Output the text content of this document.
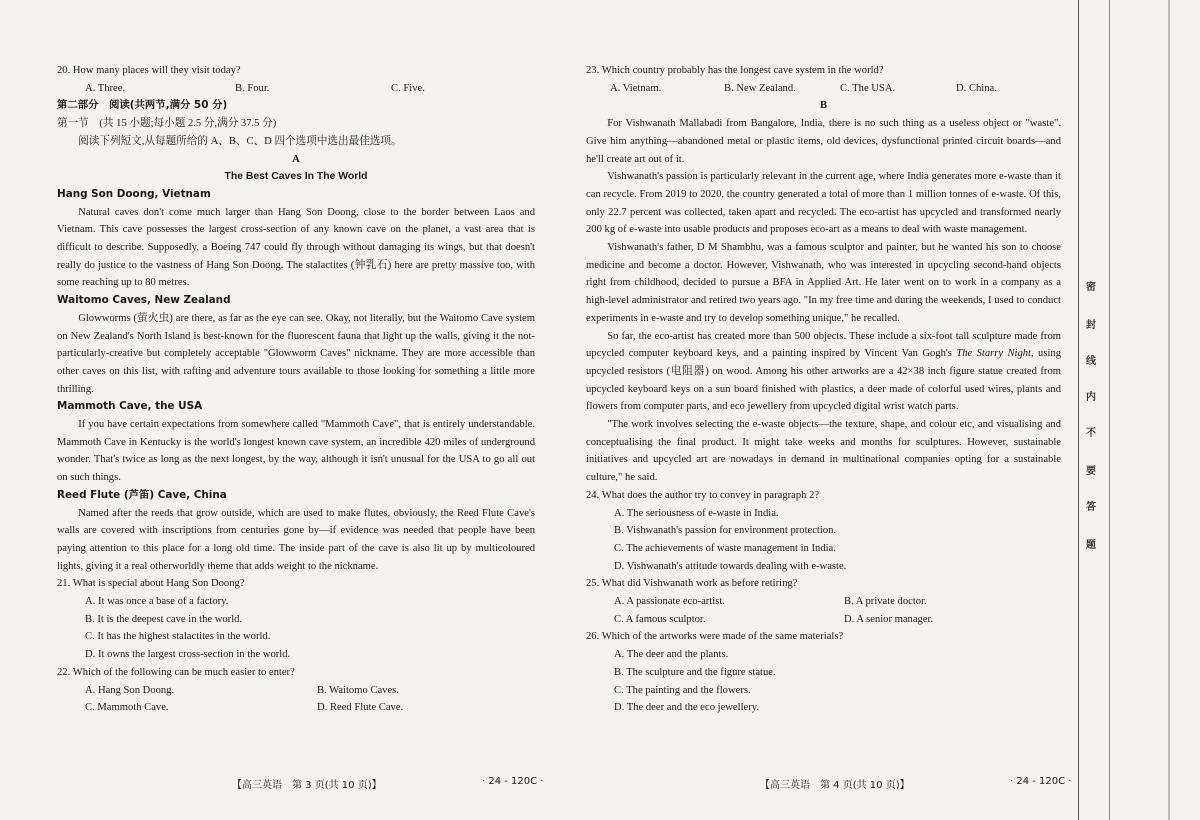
20. How many places will they visit today?

A. Three.	B. Four.	C. Five.

第二部分　阅读(共两节,满分 50 分)

第一节　(共 15 小题;每小题 2.5 分,满分 37.5 分)

阅读下列短文,从每题所给的 A、B、C、D 四个选项中选出最佳选项。

A

The Best Caves In The World

Hang Son Doong, Vietnam

Natural caves don't come much larger than Hang Son Doong, close to the border between Laos and Vietnam. This cave possesses the largest cross-section of any known cave on the planet, a vast area that is difficult to describe. Supposedly, a Boeing 747 could fly through without damaging its wings, but that doesn't really do justice to the vastness of Hang Son Doong. The stalactites (钟乳石) here are pretty massive too, with some reaching up to 80 metres.

Waitomo Caves, New Zealand

Glowworms (萤火虫) are there, as far as the eye can see. Okay, not literally, but the Waitomo Cave system on New Zealand's North Island is best-known for the fluorescent fauna that light up the walls, giving it the not-particularly-creative but completely acceptable "Glowworm Caves" nickname. They are more accessible than other caves on this list, with rafting and adventure tours available to those looking for something a little more thrilling.

Mammoth Cave, the USA

If you have certain expectations from somewhere called "Mammoth Cave", that is entirely understandable. Mammoth Cave in Kentucky is the world's longest known cave system, an incredible 420 miles of underground wonder. That's twice as long as the next longest, by the way, although it isn't unusual for the USA to go all out on such things.

Reed Flute (芦笛) Cave, China

Named after the reeds that grow outside, which are used to make flutes, obviously, the Reed Flute Cave's walls are covered with inscriptions from centuries gone by—if evidence was needed that people have been paying attention to this place for a long old time. The inside part of the cave is also lit up by multicoloured lights, giving it a real otherworldly theme that adds weight to the nickname.

21. What is special about Hang Son Doong?

A. It was once a base of a factory.

B. It is the deepest cave in the world.

C. It has the highest stalactites in the world.

D. It owns the largest cross-section in the world.

22. Which of the following can be much easier to enter?

A. Hang Son Doong.	B. Waitomo Caves.
C. Mammoth Cave.	D. Reed Flute Cave.
【高三英语　第 3 页(共 10 页)】	· 24 - 120C ·

23. Which country probably has the longest cave system in the world?

A. Vietnam.	B. New Zealand.	C. The USA.	D. China.

B

For Vishwanath Mallabadi from Bangalore, India, there is no such thing as a useless object or "waste". Give him anything—abandoned metal or plastic items, old devices, dysfunctional printed circuit boards—and he'll create art out of it.

Vishwanath's passion is particularly relevant in the current age, where India generates more e-waste than it can recycle. From 2019 to 2020, the country generated a total of more than 1 million tonnes of e-waste. Of this, only 22.7 percent was collected, taken apart and recycled. The eco-artist has upcycled and transformed nearly 200 kg of e-waste into usable products and proposes eco-art as a means to deal with waste management.

Vishwanath's father, D M Shambhu, was a famous sculptor and painter, but he wanted his son to choose medicine and become a doctor. However, Vishwanath, who was interested in upcycling second-hand objects right from childhood, decided to pursue a BFA in Applied Art. He later went on to work in a company as a high-level administrator and retired two years ago. "In my free time and during the weekends, I used to conduct experiments in e-waste and try to develop something unique," he recalled.

So far, the eco-artist has created more than 500 objects. These include a six-foot tall sculpture made from upcycled computer keyboard keys, and a painting inspired by Vincent Van Gogh's The Starry Night, using upcycled resistors (电阻器) on wood. Among his other artworks are a 42×38 inch figure statue created from upcycled keyboard keys on a sun board finished with plastics, a deer made of colorful used wires, plants and flowers from computer parts, and eco jewellery from upcycled digital wrist watch parts.

"The work involves selecting the e-waste objects—the texture, shape, and colour etc, and visualising and conceptualising the final product. It might take weeks and months for sculptures. However, sustainable initiatives and upcycled art are nowadays in demand in multinational companies opting for a sustainable culture," he said.

24. What does the author try to convey in paragraph 2?

A. The seriousness of e-waste in India.

B. Vishwanath's passion for environment protection.

C. The achievements of waste management in India.

D. Vishwanath's attitude towards dealing with e-waste.

25. What did Vishwanath work as before retiring?

A. A passionate eco-artist.	B. A private doctor.
C. A famous sculptor.	D. A senior manager.

26. Which of the artworks were made of the same materials?

A. The deer and the plants.

B. The sculpture and the figure statue.

C. The painting and the flowers.

D. The deer and the eco jewellery.

【高三英语　第 4 页(共 10 页)】	· 24 - 120C ·
密
封
线
内
不
要
答
题
